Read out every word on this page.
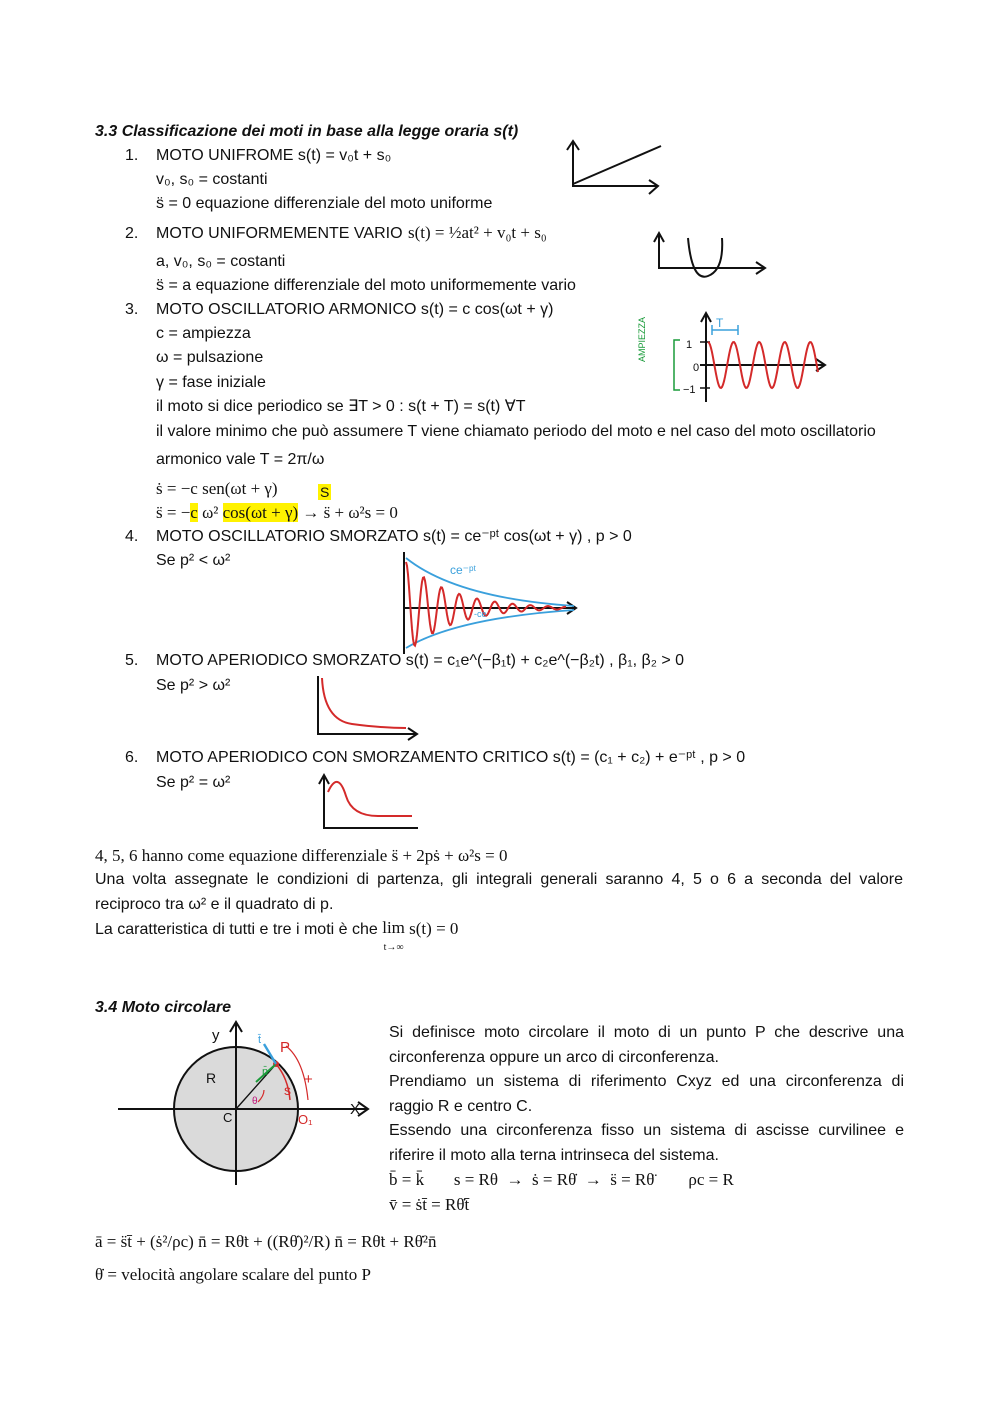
3.3 Classificazione dei moti in base alla legge oraria s(t)
1. MOTO UNIFROME s(t) = v₀t + s₀
v₀, s₀ = costanti
s̈ = 0 equazione differenziale del moto uniforme
2. MOTO UNIFORMEMENTE VARIO s(t) = ½at² + v₀t + s₀
a, v₀, s₀ = costanti
s̈ = a equazione differenziale del moto uniformemente vario
3. MOTO OSCILLATORIO ARMONICO s(t) = c cos(ωt + γ)
c = ampiezza
ω = pulsazione
γ = fase iniziale
il moto si dice periodico se ∃T > 0 : s(t + T) = s(t) ∀T
il valore minimo che può assumere T viene chiamato periodo del moto e nel caso del moto oscillatorio
armonico vale T = 2π/ω
ṡ = −c sen(ωt + γ)
s̈ = −c ω² cos(ωt + γ) → s̈ + ω²s = 0
S
T
1
0
−1
AMPIEZZA
4. MOTO OSCILLATORIO SMORZATO s(t) = ce⁻ᵖᵗ cos(ωt + γ) , p > 0
Se p² < ω²
ce⁻ᵖᵗ
-ce
5. MOTO APERIODICO SMORZATO s(t) = c₁e^(−β₁t) + c₂e^(−β₂t) , β₁, β₂ > 0
Se p² > ω²
6. MOTO APERIODICO CON SMORZAMENTO CRITICO s(t) = (c₁ + c₂) + e⁻ᵖᵗ , p > 0
Se p² = ω²
4, 5, 6 hanno come equazione differenziale s̈ + 2pṡ + ω²s = 0
Una volta assegnate le condizioni di partenza, gli integrali generali saranno 4, 5 o 6 a seconda del valore reciproco tra ω² e il quadrato di p.
La caratteristica di tutti e tre i moti è che lim
t→∞ s(t) = 0
3.4 Moto circolare
y
X
R
C
P
s
+
O₁
t̄
n̄
θ
Si definisce moto circolare il moto di un punto P che descrive una circonferenza oppure un arco di circonferenza.
Prendiamo un sistema di riferimento Cxyz ed una circonferenza di raggio R e centro C.
Essendo una circonferenza fisso un sistema di ascisse curvilinee e riferire il moto alla terna intrinseca del sistema.
b̄ = k̄       s = Rθ  →  ṡ = Rθ̇  →  s̈ = Rθ̈        ρc = R
v̄ = ṡt̄ = Rθ̇t̄
ā = s̈t̄ + (ṡ²/ρc) n̄ = Rθ̈t + ((Rθ̇)²/R) n̄ = Rθ̈t + Rθ̇²n̄
θ̇ = velocità angolare scalare del punto P
